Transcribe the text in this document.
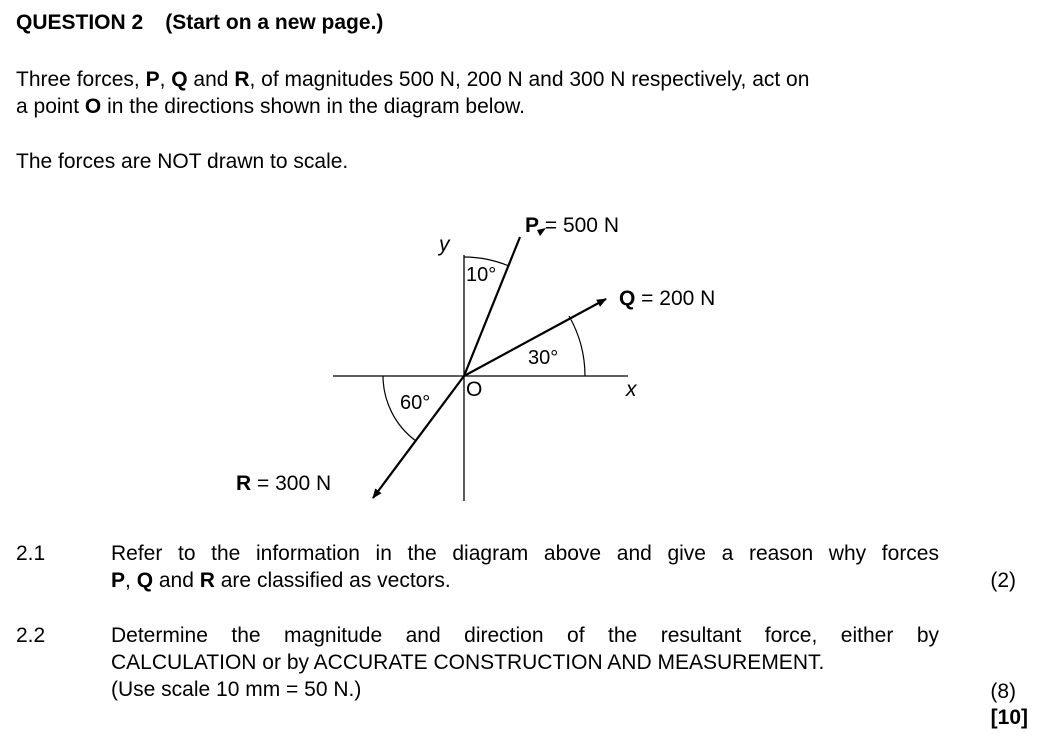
QUESTION 2 (Start on a new page.)
Three forces, P, Q and R, of magnitudes 500 N, 200 N and 300 N respectively, act on
a point O in the directions shown in the diagram below.
The forces are NOT drawn to scale.
y
x
O
10°
30°
60°
P = 500 N
Q = 200 N
R = 300 N
2.1	Refer to the information in the diagram above and give a reason why forces
P, Q and R are classified as vectors.	(2)
2.2	Determine the magnitude and direction of the resultant force, either by
CALCULATION or by ACCURATE CONSTRUCTION AND MEASUREMENT.
(Use scale 10 mm = 50 N.)	(8)
[10]
